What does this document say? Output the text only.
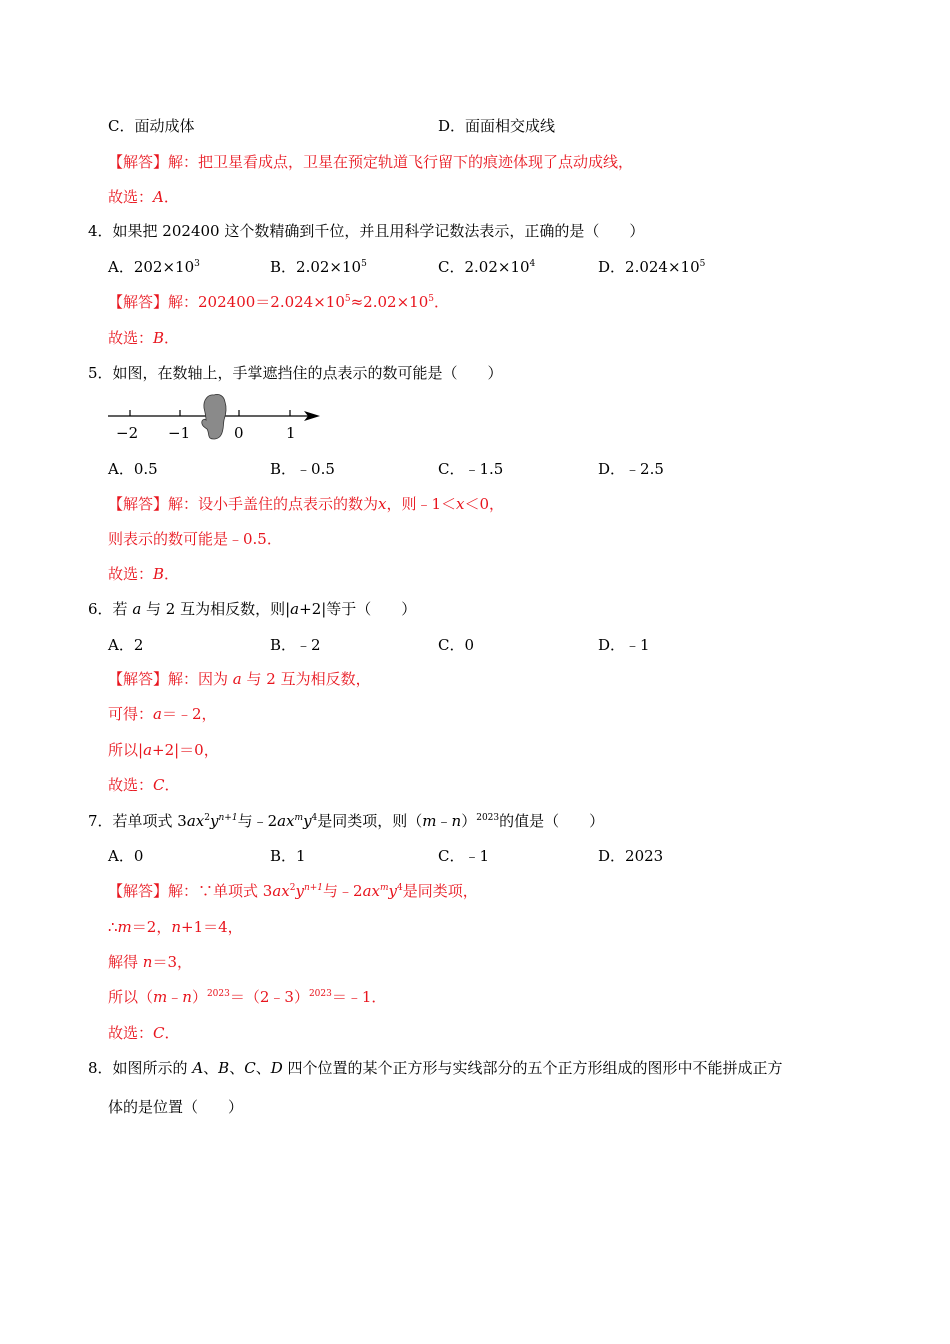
C．面动成体	D．面面相交成线
【解答】解：把卫星看成点，卫星在预定轨道飞行留下的痕迹体现了点动成线，
故选：A．
4．如果把 202400 这个数精确到千位，并且用科学记数法表示，正确的是（　　）
A．$202\times 10^3$	B．$2.02\times 10^5$	C．$2.02\times 10^4$	D．$2.024\times 10^5$
【解答】解：$202400=2.024\times 10^5\approx 2.02\times 10^5$．
故选：B．
5．如图，在数轴上，手掌遮挡住的点表示的数可能是（　　）
−2 −1	0	1
A．0.5	B．﹣0.5	C．﹣1.5	D．﹣2.5
【解答】解：设小手盖住的点表示的数为x，则﹣1＜x＜0，
则表示的数可能是﹣0.5．
故选：B．
6．若 a 与 2 互为相反数，则|a+2|等于（　　）
A．2	B．﹣2	C．0	D．﹣1
【解答】解：因为 a 与 2 互为相反数，
可得：a＝﹣2，
所以|a+2|＝0，
故选：C．
7．若单项式 $3ax^2y^{n+1}$与$﹣2ax^my^4$是同类项，则（m﹣n）$^{2023}$的值是（　　）
A．0	B．1	C．﹣1	D．2023
【解答】解：∵单项式 $3ax^2y^{n+1}$与$﹣2ax^my^4$是同类项，
∴m＝2，n+1＝4，
解得 n＝3，
所以（m﹣n）$^{2023}$＝（2﹣3）$^{2023}$＝﹣1．
故选：C．
8．如图所示的 A、B、C、D 四个位置的某个正方形与实线部分的五个正方形组成的图形中不能拼成正方
体的是位置（　　）
